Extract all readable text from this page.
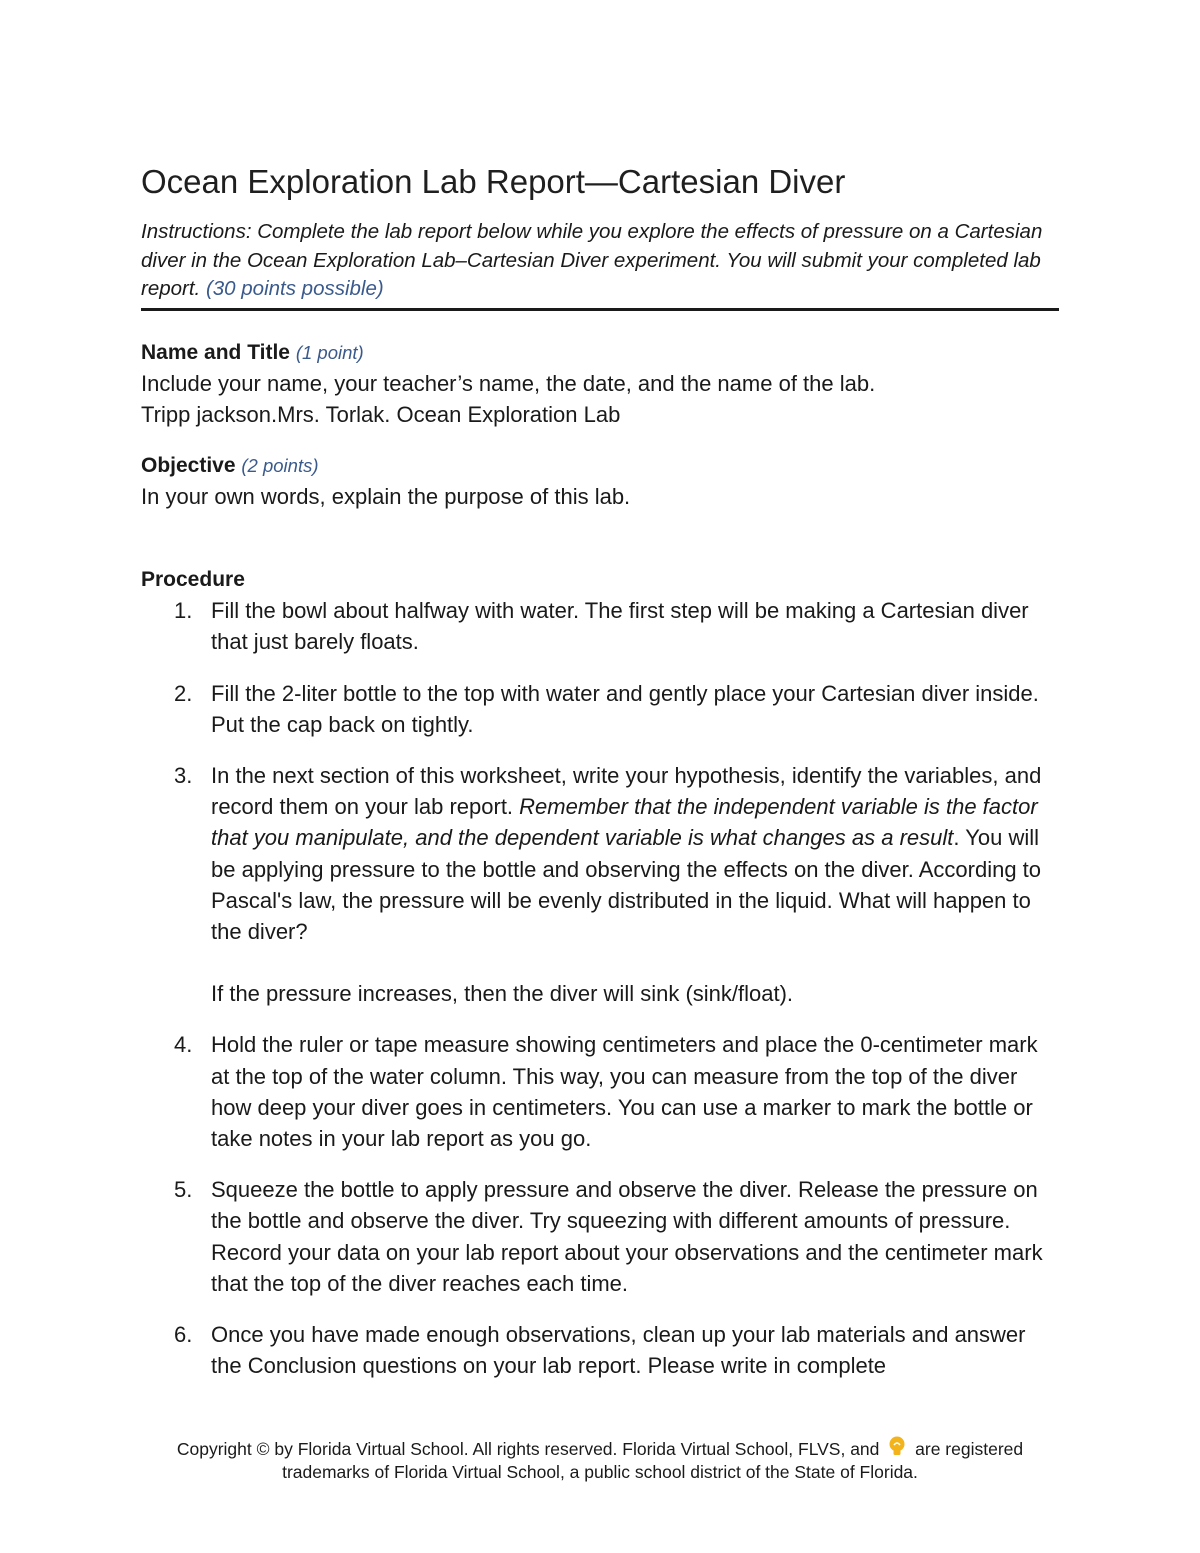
Ocean Exploration Lab Report—Cartesian Diver
Instructions: Complete the lab report below while you explore the effects of pressure on a Cartesian diver in the Ocean Exploration Lab–Cartesian Diver experiment. You will submit your completed lab report. (30 points possible)
Name and Title (1 point)
Include your name, your teacher’s name, the date, and the name of the lab.
Tripp jackson.Mrs. Torlak. Ocean Exploration Lab
Objective (2 points)
In your own words, explain the purpose of this lab.
Procedure
1. Fill the bowl about halfway with water. The first step will be making a Cartesian diver that just barely floats.
2. Fill the 2-liter bottle to the top with water and gently place your Cartesian diver inside. Put the cap back on tightly.
3. In the next section of this worksheet, write your hypothesis, identify the variables, and record them on your lab report. Remember that the independent variable is the factor that you manipulate, and the dependent variable is what changes as a result. You will be applying pressure to the bottle and observing the effects on the diver. According to Pascal's law, the pressure will be evenly distributed in the liquid. What will happen to the diver?
If the pressure increases, then the diver will sink (sink/float).
4. Hold the ruler or tape measure showing centimeters and place the 0-centimeter mark at the top of the water column. This way, you can measure from the top of the diver how deep your diver goes in centimeters. You can use a marker to mark the bottle or take notes in your lab report as you go.
5. Squeeze the bottle to apply pressure and observe the diver. Release the pressure on the bottle and observe the diver. Try squeezing with different amounts of pressure. Record your data on your lab report about your observations and the centimeter mark that the top of the diver reaches each time.
6. Once you have made enough observations, clean up your lab materials and answer the Conclusion questions on your lab report. Please write in complete
Copyright © by Florida Virtual School. All rights reserved. Florida Virtual School, FLVS, and are registered
trademarks of Florida Virtual School, a public school district of the State of Florida.
